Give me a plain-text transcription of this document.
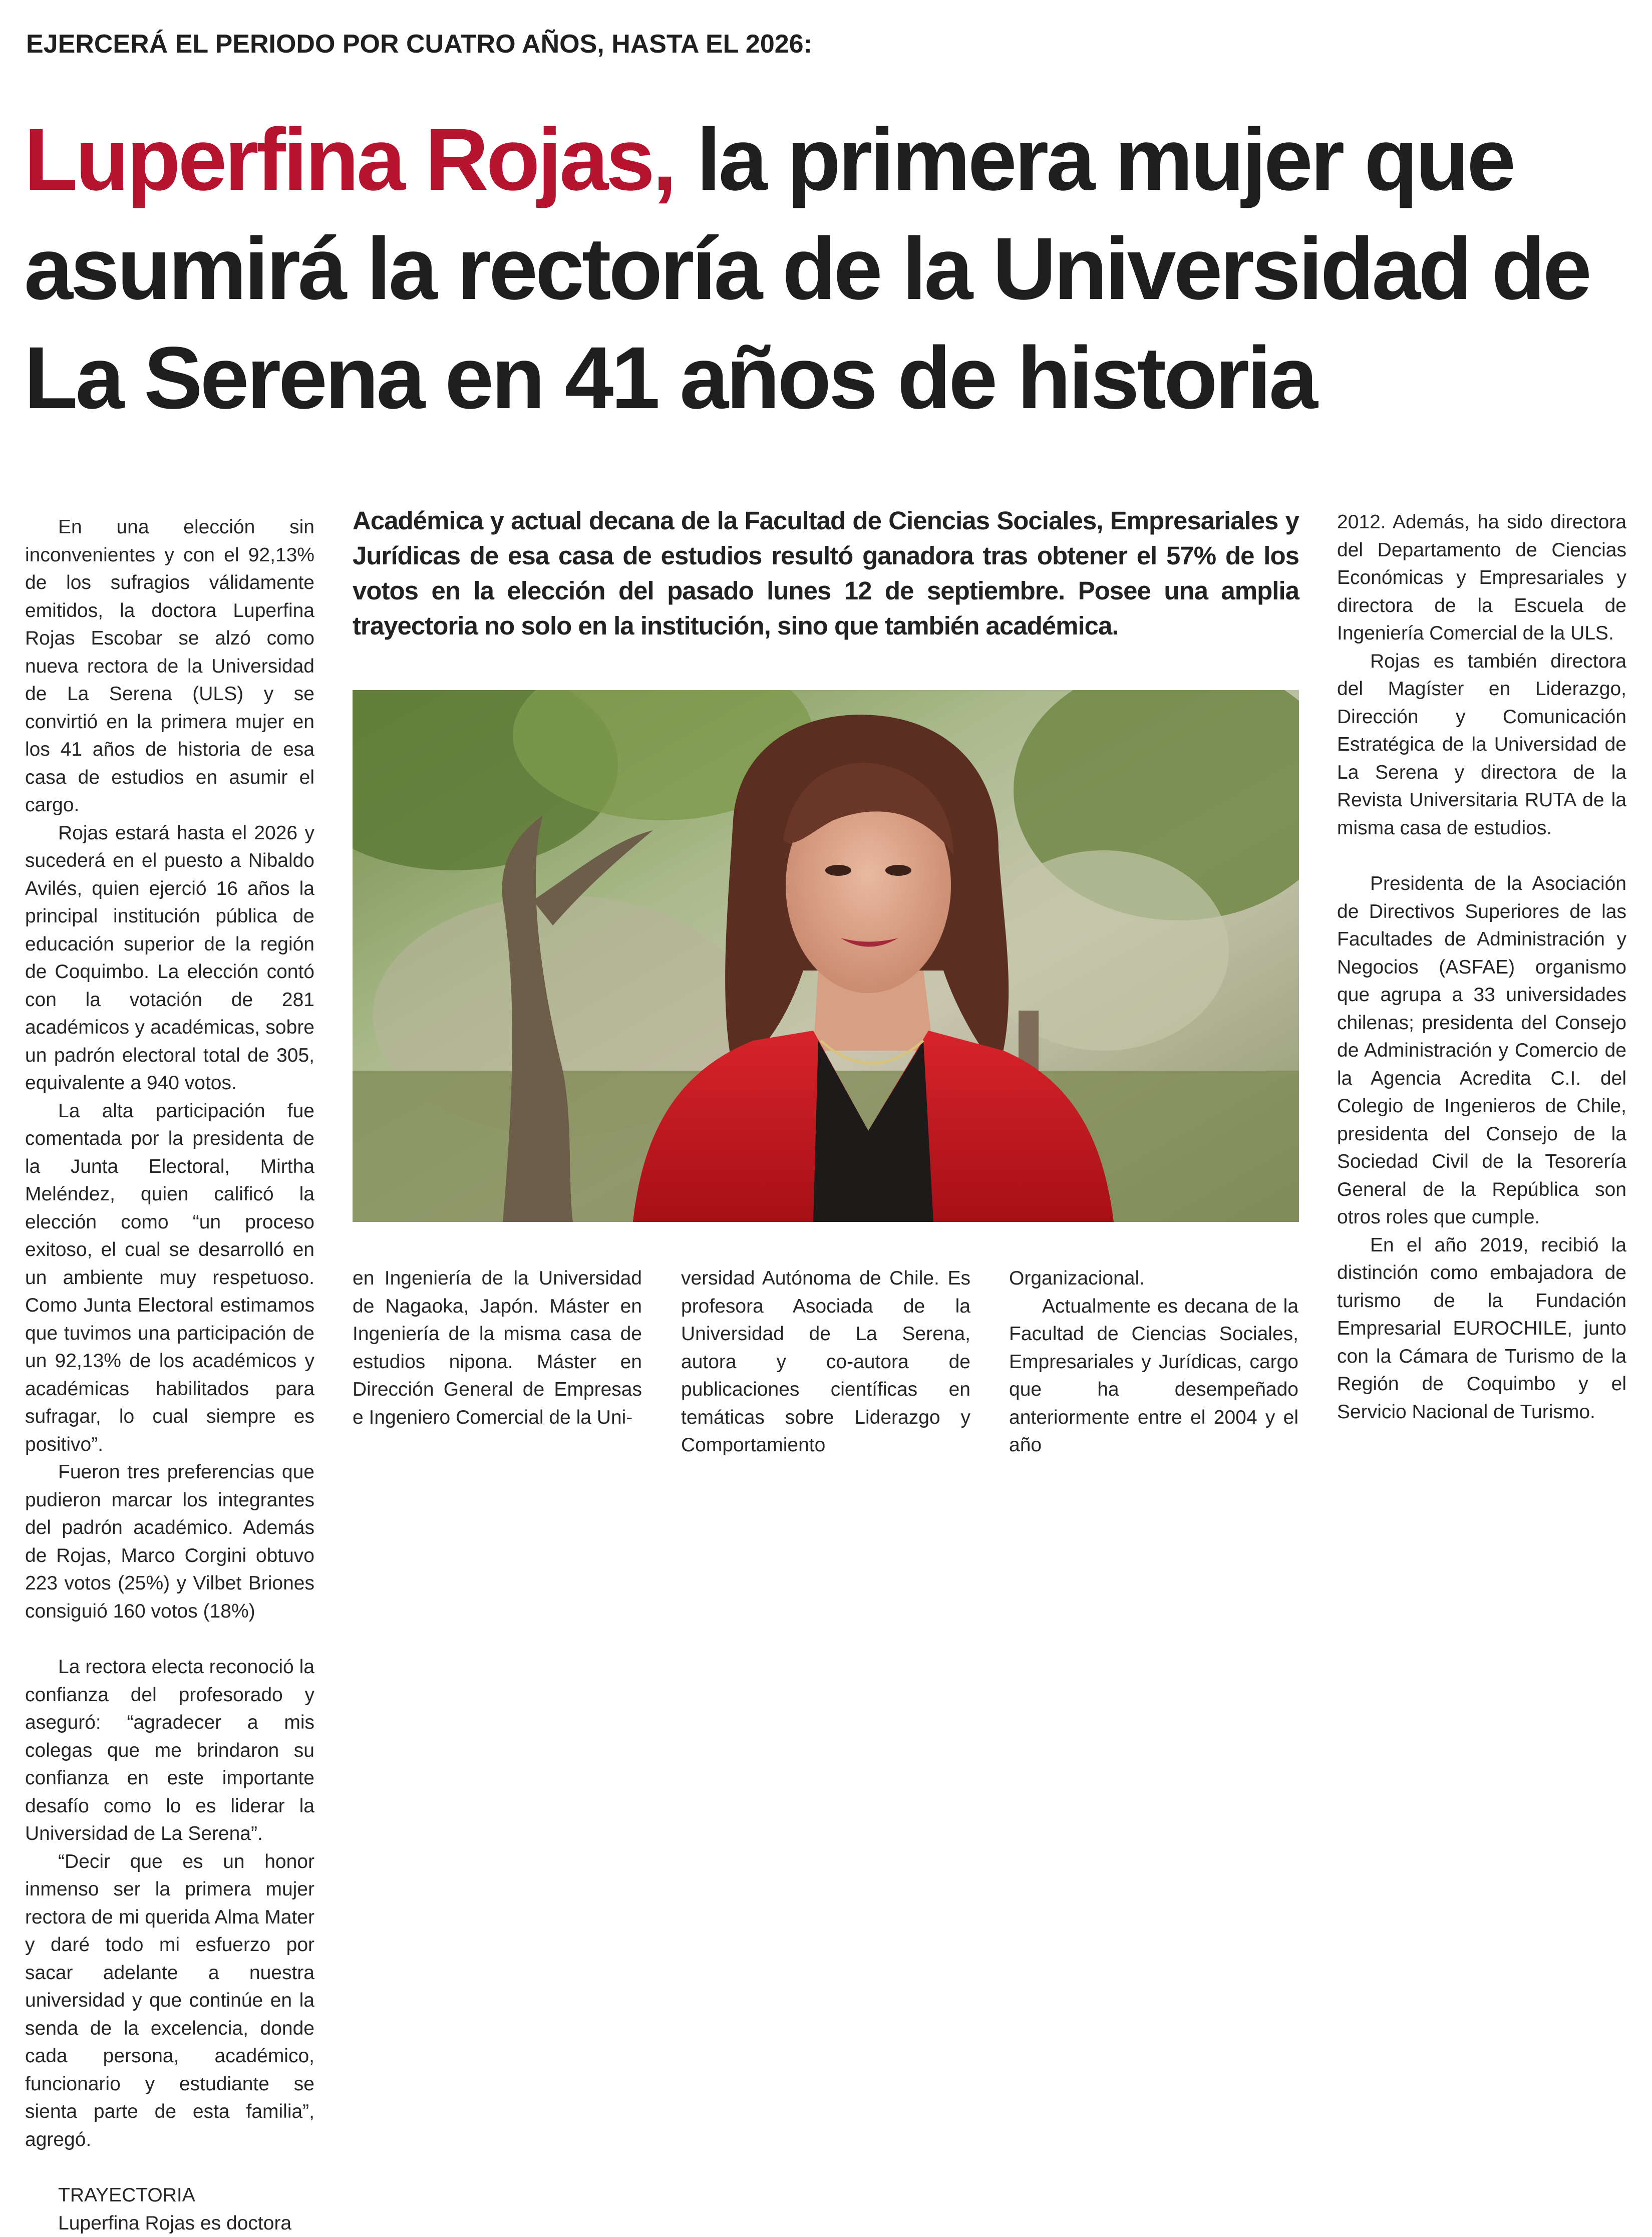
EJERCERÁ EL PERIODO POR CUATRO AÑOS, HASTA EL 2026:
Luperfina Rojas, la primera mujer que asumirá la rectoría de la Universidad de La Serena en 41 años de historia

Académica y actual decana de la Facultad de Ciencias Sociales, Empresariales y Jurídicas de esa casa de estudios resultó ganadora tras obtener el 57% de los votos en la elección del pasado lunes 12 de septiembre. Posee una amplia trayectoria no solo en la institución, sino que también académica.

En una elección sin inconvenientes y con el 92,13% de los sufragios válidamente emitidos, la doctora Luperfina Rojas Escobar se alzó como nueva rectora de la Universidad de La Serena (ULS) y se convirtió en la primera mujer en los 41 años de historia de esa casa de estudios en asumir el cargo.

Rojas estará hasta el 2026 y sucederá en el puesto a Nibaldo Avilés, quien ejerció 16 años la principal institución pública de educación superior de la región de Coquimbo. La elección contó con la votación de 281 académicos y académicas, sobre un padrón electoral total de 305, equivalente a 940 votos.

La alta participación fue comentada por la presidenta de la Junta Electoral, Mirtha Meléndez, quien calificó la elección como “un proceso exitoso, el cual se desarrolló en un ambiente muy respetuoso. Como Junta Electoral estimamos que tuvimos una participación de un 92,13% de los académicos y académicas habilitados para sufragar, lo cual siempre es positivo”.

Fueron tres preferencias que pudieron marcar los integrantes del padrón académico. Además de Rojas, Marco Corgini obtuvo 223 votos (25%) y Vilbet Briones consiguió 160 votos (18%)

La rectora electa reconoció la confianza del profesorado y aseguró: “agradecer a mis colegas que me brindaron su confianza en este importante desafío como lo es liderar la Universidad de La Serena”.

“Decir que es un honor inmenso ser la primera mujer rectora de mi querida Alma Mater y daré todo mi esfuerzo por sacar adelante a nuestra universidad y que continúe en la senda de la excelencia, donde cada persona, académico, funcionario y estudiante se sienta parte de esta familia”, agregó.

TRAYECTORIA

Luperfina Rojas es doctora

en Ingeniería de la Universidad de Nagaoka, Japón. Máster en Ingeniería de la misma casa de estudios nipona. Máster en Dirección General de Empresas e Ingeniero Comercial de la Uni-

versidad Autónoma de Chile. Es profesora Asociada de la Universidad de La Serena, autora y co-autora de publicaciones científicas en temáticas sobre Liderazgo y Comportamiento

Organizacional.

Actualmente es decana de la Facultad de Ciencias Sociales, Empresariales y Jurídicas, cargo que ha desempeñado anteriormente entre el 2004 y el año

2012. Además, ha sido directora del Departamento de Ciencias Económicas y Empresariales y directora de la Escuela de Ingeniería Comercial de la ULS.

Rojas es también directora del Magíster en Liderazgo, Dirección y Comunicación Estratégica de la Universidad de La Serena y directora de la Revista Universitaria RUTA de la misma casa de estudios.

Presidenta de la Asociación de Directivos Superiores de las Facultades de Administración y Negocios (ASFAE) organismo que agrupa a 33 universidades chilenas; presidenta del Consejo de Administración y Comercio de la Agencia Acredita C.I. del Colegio de Ingenieros de Chile, presidenta del Consejo de la Sociedad Civil de la Tesorería General de la República son otros roles que cumple.

En el año 2019, recibió la distinción como embajadora de turismo de la Fundación Empresarial EUROCHILE, junto con la Cámara de Turismo de la Región de Coquimbo y el Servicio Nacional de Turismo.
